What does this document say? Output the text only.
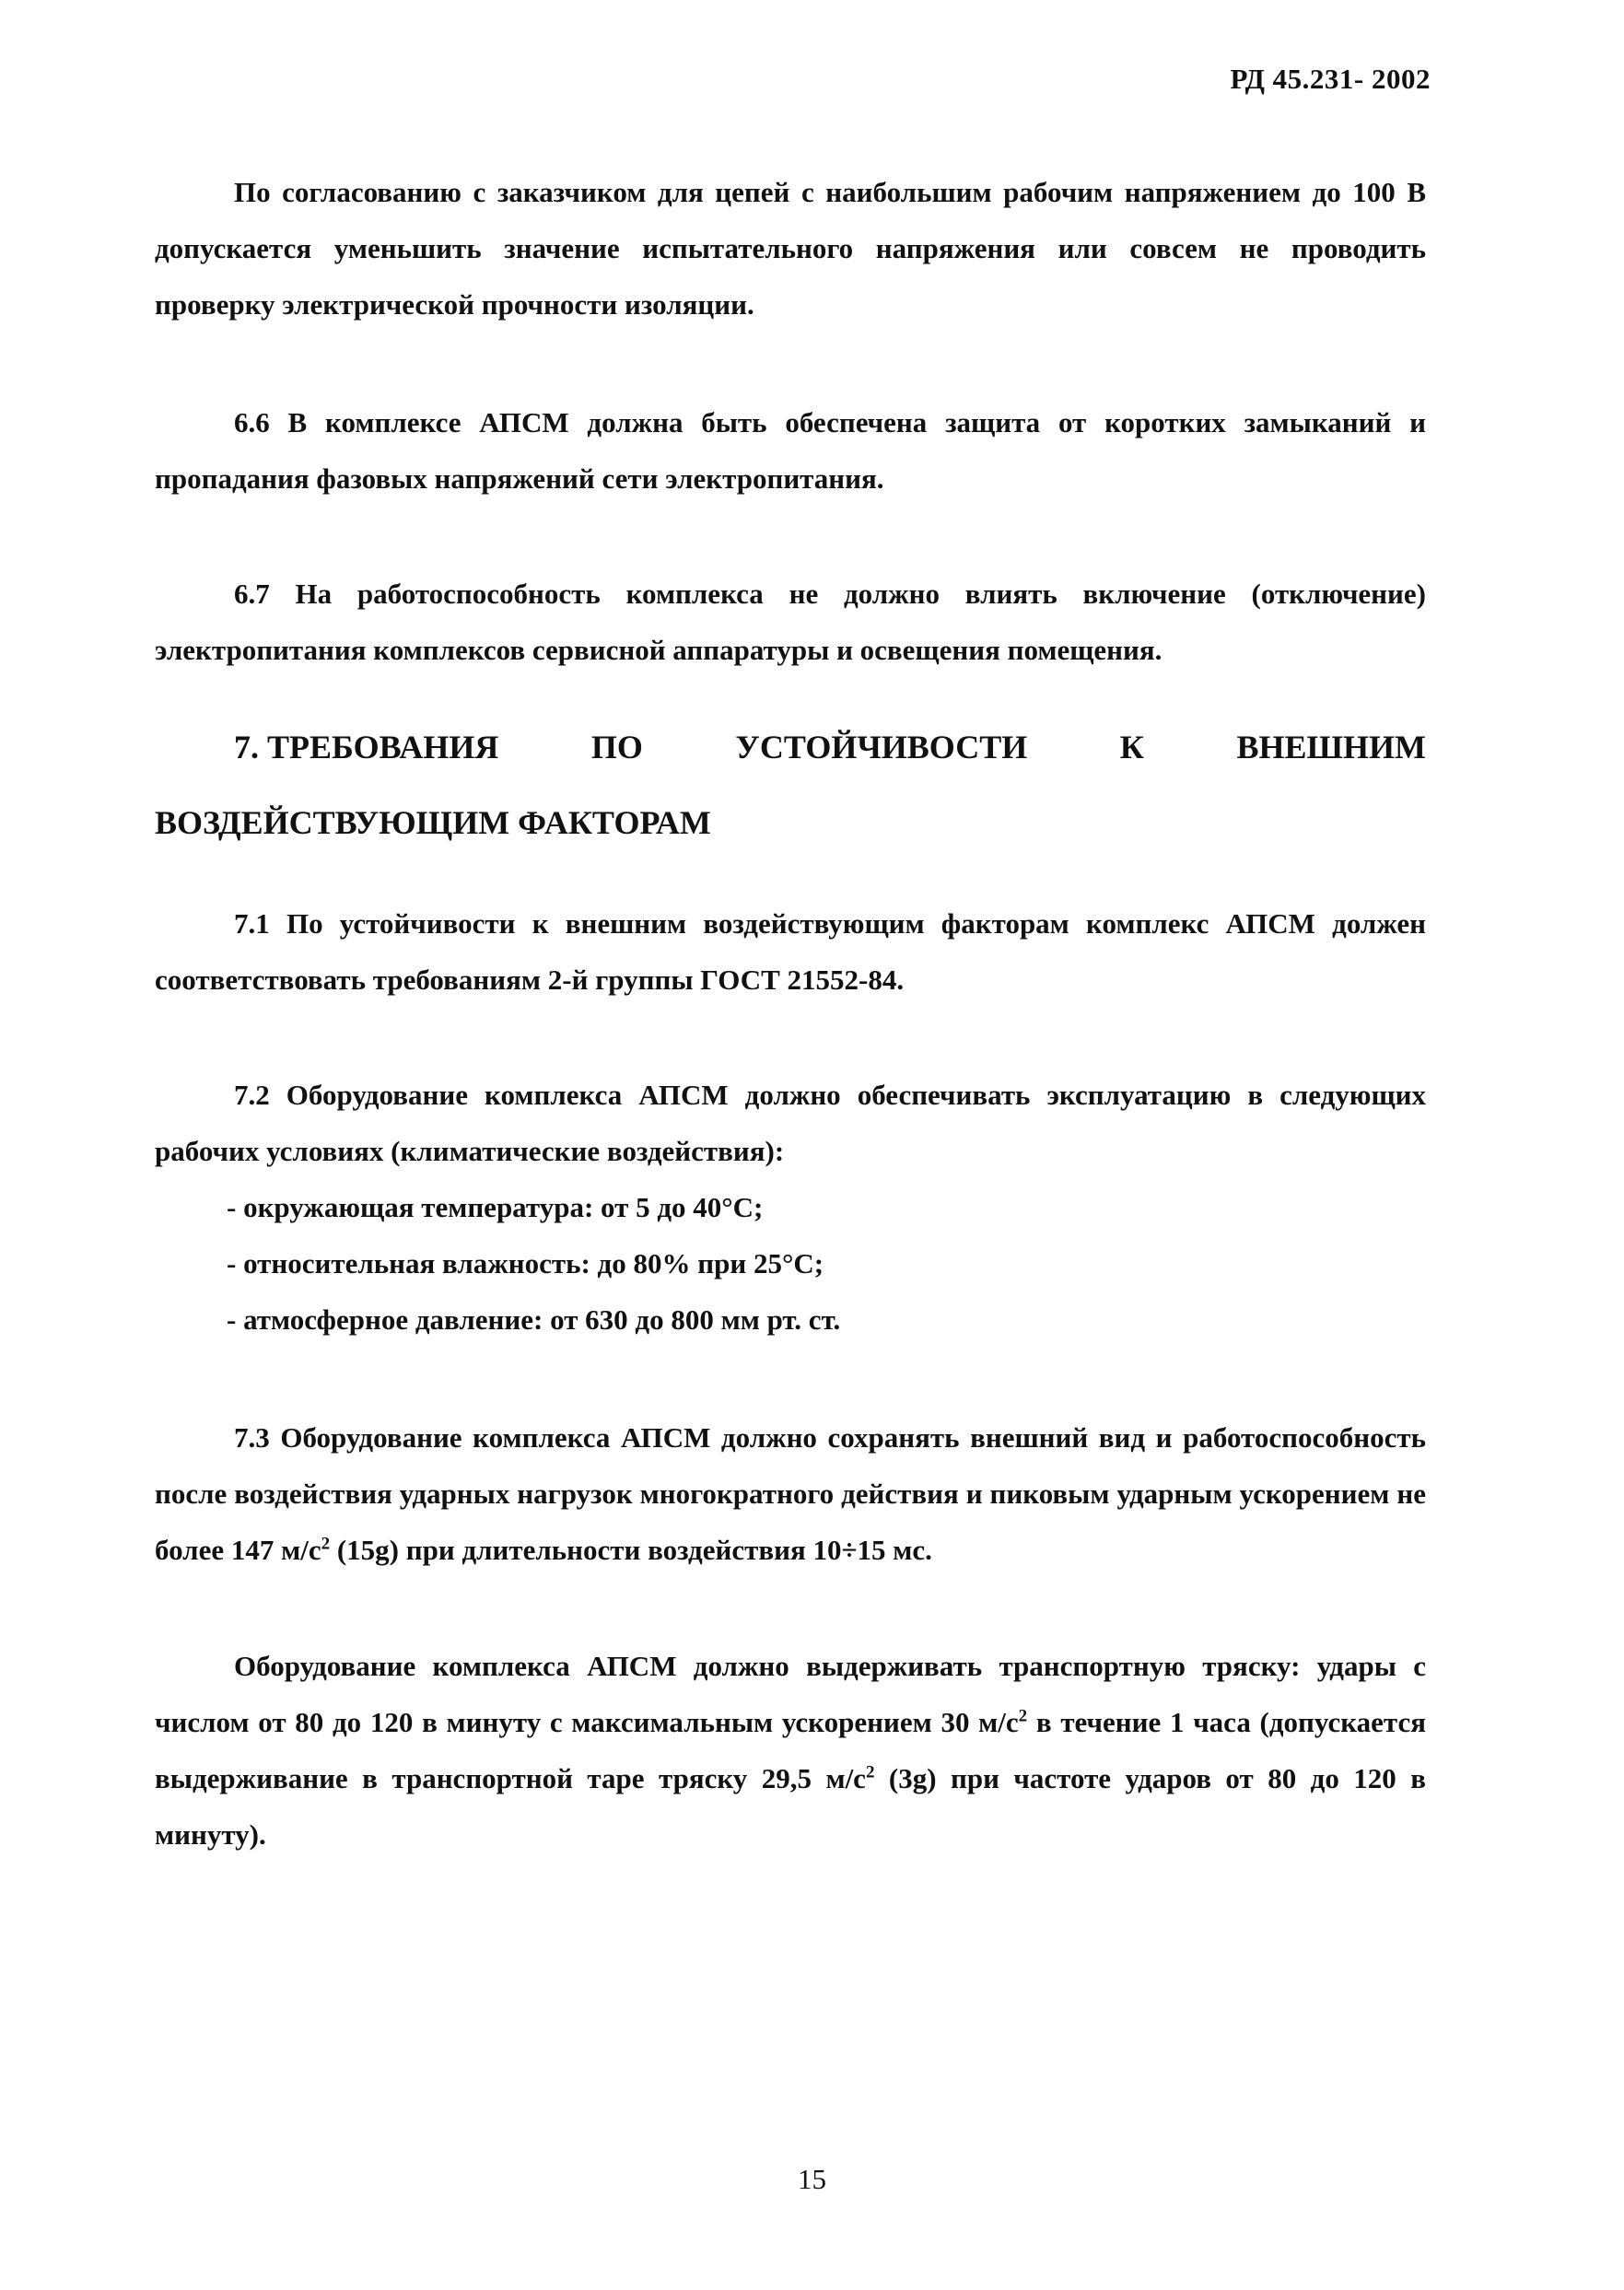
РД 45.231- 2002

По согласованию с заказчиком для цепей с наибольшим рабочим напряжением до 100 В допускается уменьшить значение испытательного напряжения или совсем не проводить проверку электрической прочности изоляции.

6.6 В комплексе АПСМ должна быть обеспечена защита от коротких замыканий и пропадания фазовых напряжений сети электропитания.

6.7 На работоспособность комплекса не должно влиять включение (отключение) электропитания комплексов сервисной аппаратуры и освещения помещения.

7. ТРЕБОВАНИЯ	ПО	УСТОЙЧИВОСТИ	К	ВНЕШНИМ
ВОЗДЕЙСТВУЮЩИМ ФАКТОРАМ

7.1 По устойчивости к внешним воздействующим факторам комплекс АПСМ должен соответствовать требованиям 2-й группы ГОСТ 21552-84.

7.2 Оборудование комплекса АПСМ должно обеспечивать эксплуатацию в следующих рабочих условиях (климатические воздействия):

- окружающая температура: от 5 до 40°С;
- относительная влажность: до 80% при 25°С;
- атмосферное давление: от 630 до 800 мм рт. ст.

7.3 Оборудование комплекса АПСМ должно сохранять внешний вид и работоспособность после воздействия ударных нагрузок многократного действия и пиковым ударным ускорением не более 147 $м/с^2$ (15g) при длительности воздействия 10÷15 мс.

Оборудование комплекса АПСМ должно выдерживать транспортную тряску: удары с числом от 80 до 120 в минуту с максимальным ускорением 30 $м/с^2$ в течение 1 часа (допускается выдерживание в транспортной таре тряску 29,5 $м/с^2$ (3g) при частоте ударов от 80 до 120 в минуту).

15
